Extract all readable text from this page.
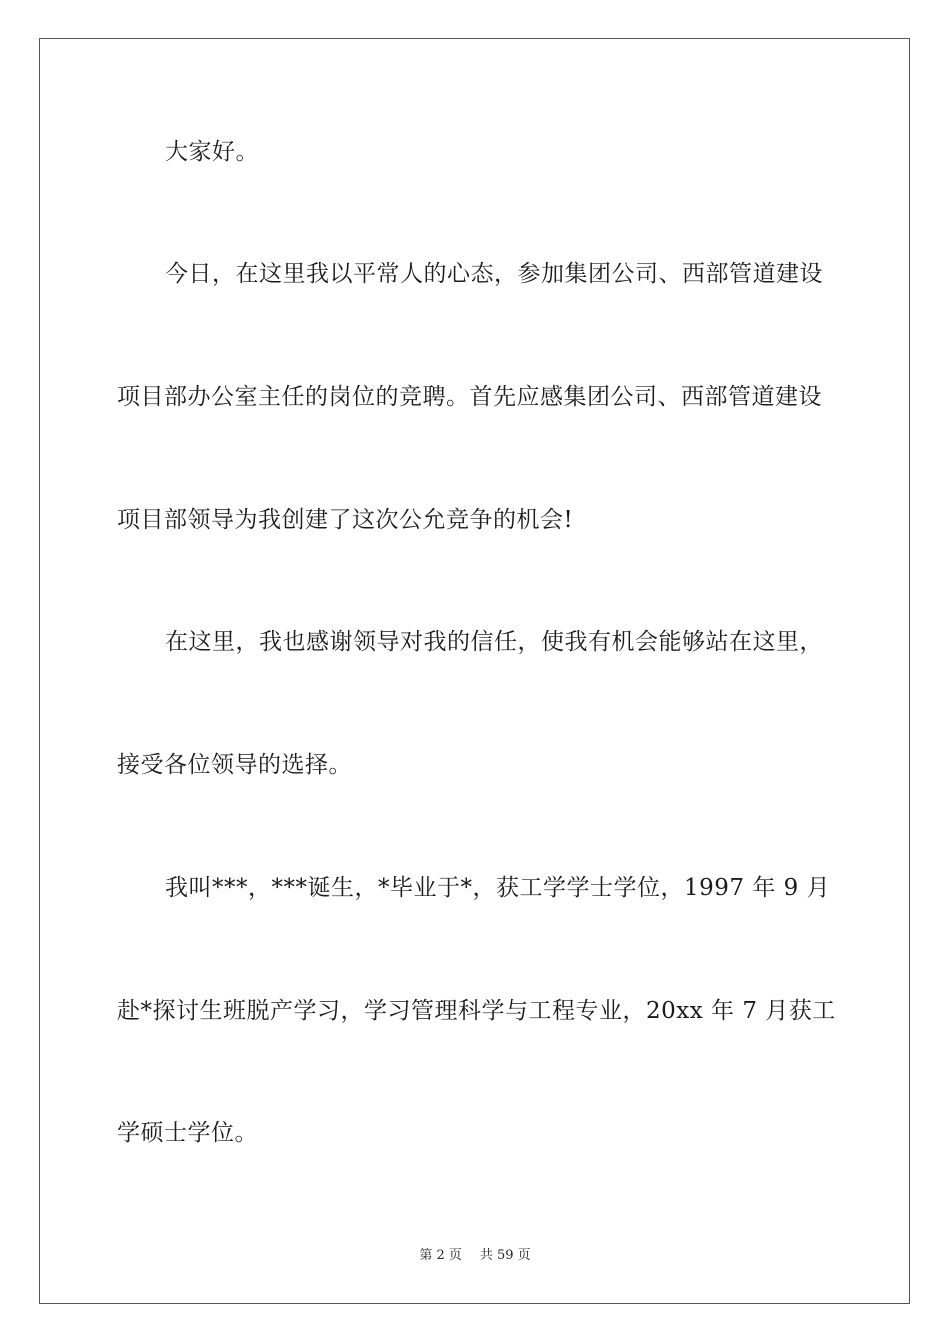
大家好。
今日，在这里我以平常人的心态，参加集团公司、西部管道建设
项目部办公室主任的岗位的竞聘。首先应感集团公司、西部管道建设
项目部领导为我创建了这次公允竞争的机会!
在这里，我也感谢领导对我的信任，使我有机会能够站在这里，
接受各位领导的选择。
我叫***，***诞生，*毕业于*，获工学学士学位，1997 年 9 月
赴*探讨生班脱产学习，学习管理科学与工程专业，20xx 年 7 月获工
学硕士学位。
第 2 页 共 59 页
